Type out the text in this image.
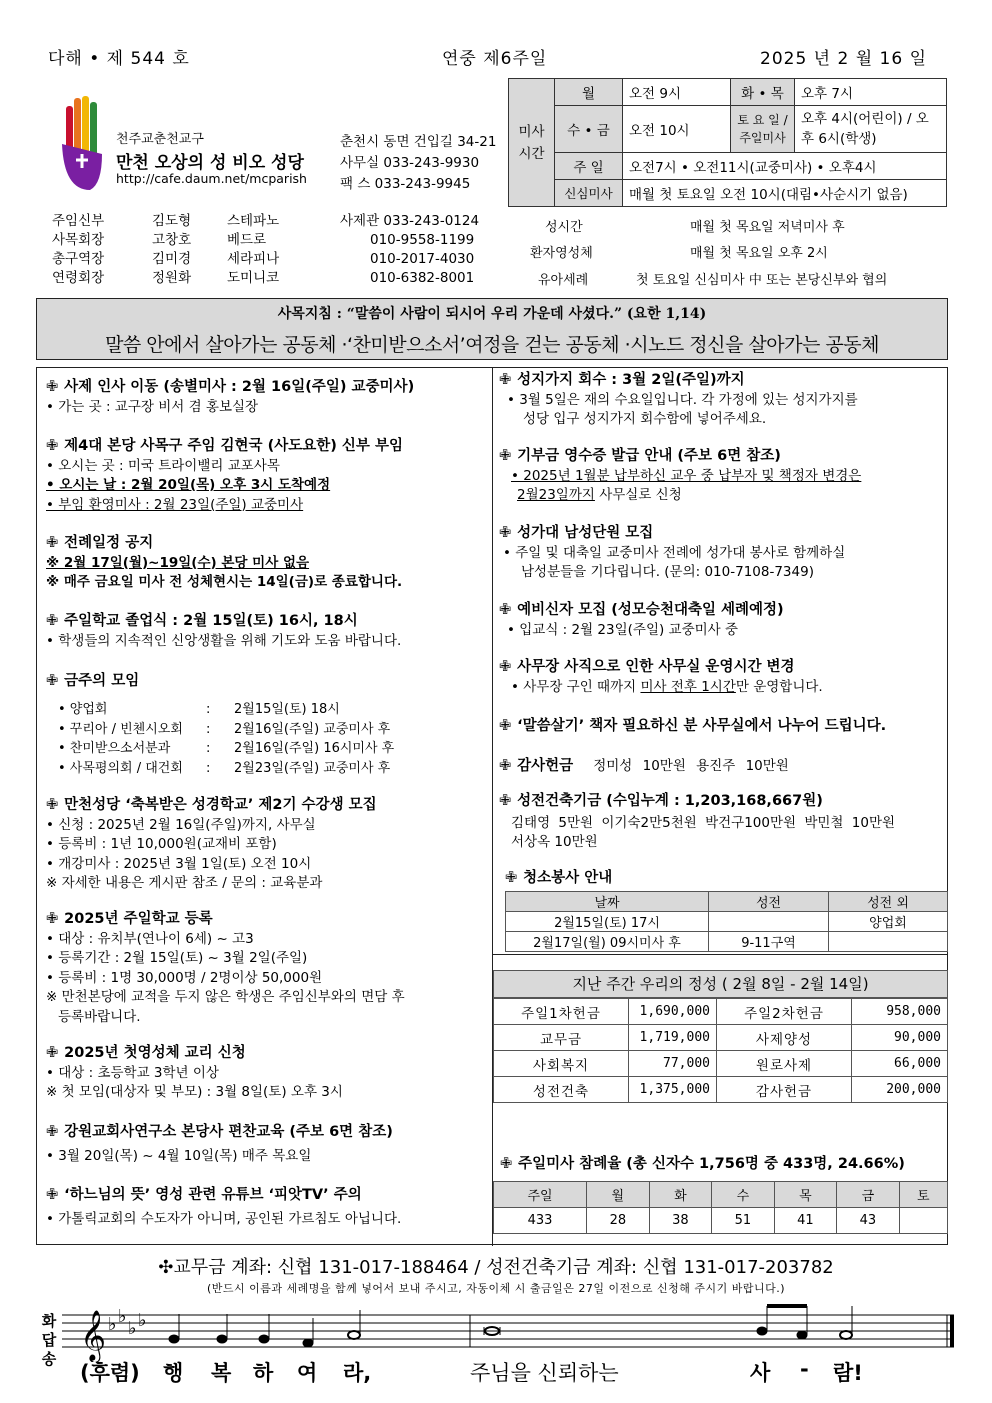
다해 • 제 544 호	연중 제6주일	2025 년 2 월 16 일
천주교춘천교구
만천 오상의 성 비오 성당
http://cafe.daum.net/mcparish
춘천시 동면 건입길 34-21
사무실 033-243-9930
팩 스 033-243-9945
미사시간	월	오전 9시	화 • 목	오후 7시
	수 • 금	오전 10시	토 요 일 / 주일미사	오후 4시(어린이) / 오후 6시(학생)
	주 일	오전7시 • 오전11시(교중미사) • 오후4시		
	신심미사	매월 첫 토요일 오전 10시(대림•사순시기 없음)		
주임신부	김도형	스테파노	사제관 033-243-0124
사목회장	고창호	베드로	010-9558-1199
총구역장	김미경	세라피나	010-2017-4030
연령회장	정원화	도미니코	010-6382-8001
성시간	매월 첫 목요일 저녁미사 후
환자영성체	매월 첫 목요일 오후 2시
유아세례	첫 토요일 신심미사 中 또는 본당신부와 협의
사목지침 : “말씀이 사람이 되시어 우리 가운데 사셨다.” (요한 1,14)
말씀 안에서 살아가는 공동체 ·‘찬미받으소서’여정을 걷는 공동체 ·시노드 정신을 살아가는 공동체
✙ 사제 인사 이동 (송별미사 : 2월 16일(주일) 교중미사)
• 가는 곳 : 교구장 비서 겸 홍보실장
✙ 제4대 본당 사목구 주임 김현국 (사도요한) 신부 부임
• 오시는 곳 : 미국 트라이밸리 교포사목
• 오시는 날 : 2월 20일(목) 오후 3시 도착예정
• 부임 환영미사 : 2월 23일(주일) 교중미사
✙ 전례일정 공지
※ 2월 17일(월)~19일(수) 본당 미사 없음
※ 매주 금요일 미사 전 성체현시는 14일(금)로 종료합니다.
✙ 주일학교 졸업식 : 2월 15일(토) 16시, 18시
• 학생들의 지속적인 신앙생활을 위해 기도와 도움 바랍니다.
✙ 금주의 모임
• 양업회	: 2월15일(토) 18시
• 꾸리아 / 빈첸시오회 : 2월16일(주일) 교중미사 후
• 찬미받으소서분과	: 2월16일(주일) 16시미사 후
• 사목평의회 / 대건회 : 2월23일(주일) 교중미사 후
✙ 만천성당 ‘축복받은 성경학교’ 제2기 수강생 모집
• 신청 : 2025년 2월 16일(주일)까지, 사무실
• 등록비 : 1년 10,000원(교재비 포함)
• 개강미사 : 2025년 3월 1일(토) 오전 10시
※ 자세한 내용은 게시판 참조 / 문의 : 교육분과
✙ 2025년 주일학교 등록
• 대상 : 유치부(연나이 6세) ~ 고3
• 등록기간 : 2월 15일(토) ~ 3월 2일(주일)
• 등록비 : 1명 30,000명 / 2명이상 50,000원
※ 만천본당에 교적을 두지 않은 학생은 주임신부와의 면담 후
등록바랍니다.
✙ 2025년 첫영성체 교리 신청
• 대상 : 초등학교 3학년 이상
※ 첫 모임(대상자 및 부모) : 3월 8일(토) 오후 3시
✙ 강원교회사연구소 본당사 편찬교육 (주보 6면 참조)
• 3월 20일(목) ~ 4월 10일(목) 매주 목요일
✙ ‘하느님의 뜻’ 영성 관련 유튜브 ‘피앗TV’ 주의
• 가톨릭교회의 수도자가 아니며, 공인된 가르침도 아닙니다.
✙ 성지가지 회수 : 3월 2일(주일)까지
• 3월 5일은 재의 수요일입니다. 각 가정에 있는 성지가지를
성당 입구 성지가지 회수함에 넣어주세요.
✙ 기부금 영수증 발급 안내 (주보 6면 참조)
• 2025년 1월분 납부하신 교우 중 납부자 및 책정자 변경은
2월23일까지 사무실로 신청
✙ 성가대 남성단원 모집
• 주일 및 대축일 교중미사 전례에 성가대 봉사로 함께하실
남성분들을 기다립니다. (문의: 010-7108-7349)
✙ 예비신자 모집 (성모승천대축일 세례예정)
• 입교식 : 2월 23일(주일) 교중미사 중
✙ 사무장 사직으로 인한 사무실 운영시간 변경
• 사무장 구인 때까지 미사 전후 1시간만 운영합니다.
✙ ‘말씀살기’ 책자 필요하신 분 사무실에서 나누어 드립니다.
✙ 감사헌금 정미성 10만원 용진주 10만원
✙ 성전건축기금 (수입누계 : 1,203,168,667원)
김태영 5만원 이기숙2만5천원 박건구100만원 박민철 10만원
서상옥 10만원
✙ 청소봉사 안내
날짜	성전	성전 외
2월15일(토) 17시		양업회
2월17일(월) 09시미사 후	9-11구역	
지난 주간 우리의 정성 ( 2월 8일 - 2월 14일)
주일1차헌금	1,690,000	주일2차헌금	958,000
교무금	1,719,000	사제양성	90,000
사회복지	77,000	원로사제	66,000
성전건축	1,375,000	감사헌금	200,000
✙ 주일미사 참례율 (총 신자수 1,756명 중 433명, 24.66%)
주일	월	화	수	목	금	토
433	28	38	51	41	43	
✣교무금 계좌: 신협 131-017-188464 / 성전건축기금 계좌: 신협 131-017-203782
(반드시 이름과 세례명을 함께 넣어서 보내 주시고, 자동이체 시 출금일은 27일 이전으로 신청해 주시기 바랍니다.)
화답송 𝄞 ♭ ♭
♭ ♭
(후렴) 행 복 하 여 라,	주님을 신뢰하는	사 - 람!
